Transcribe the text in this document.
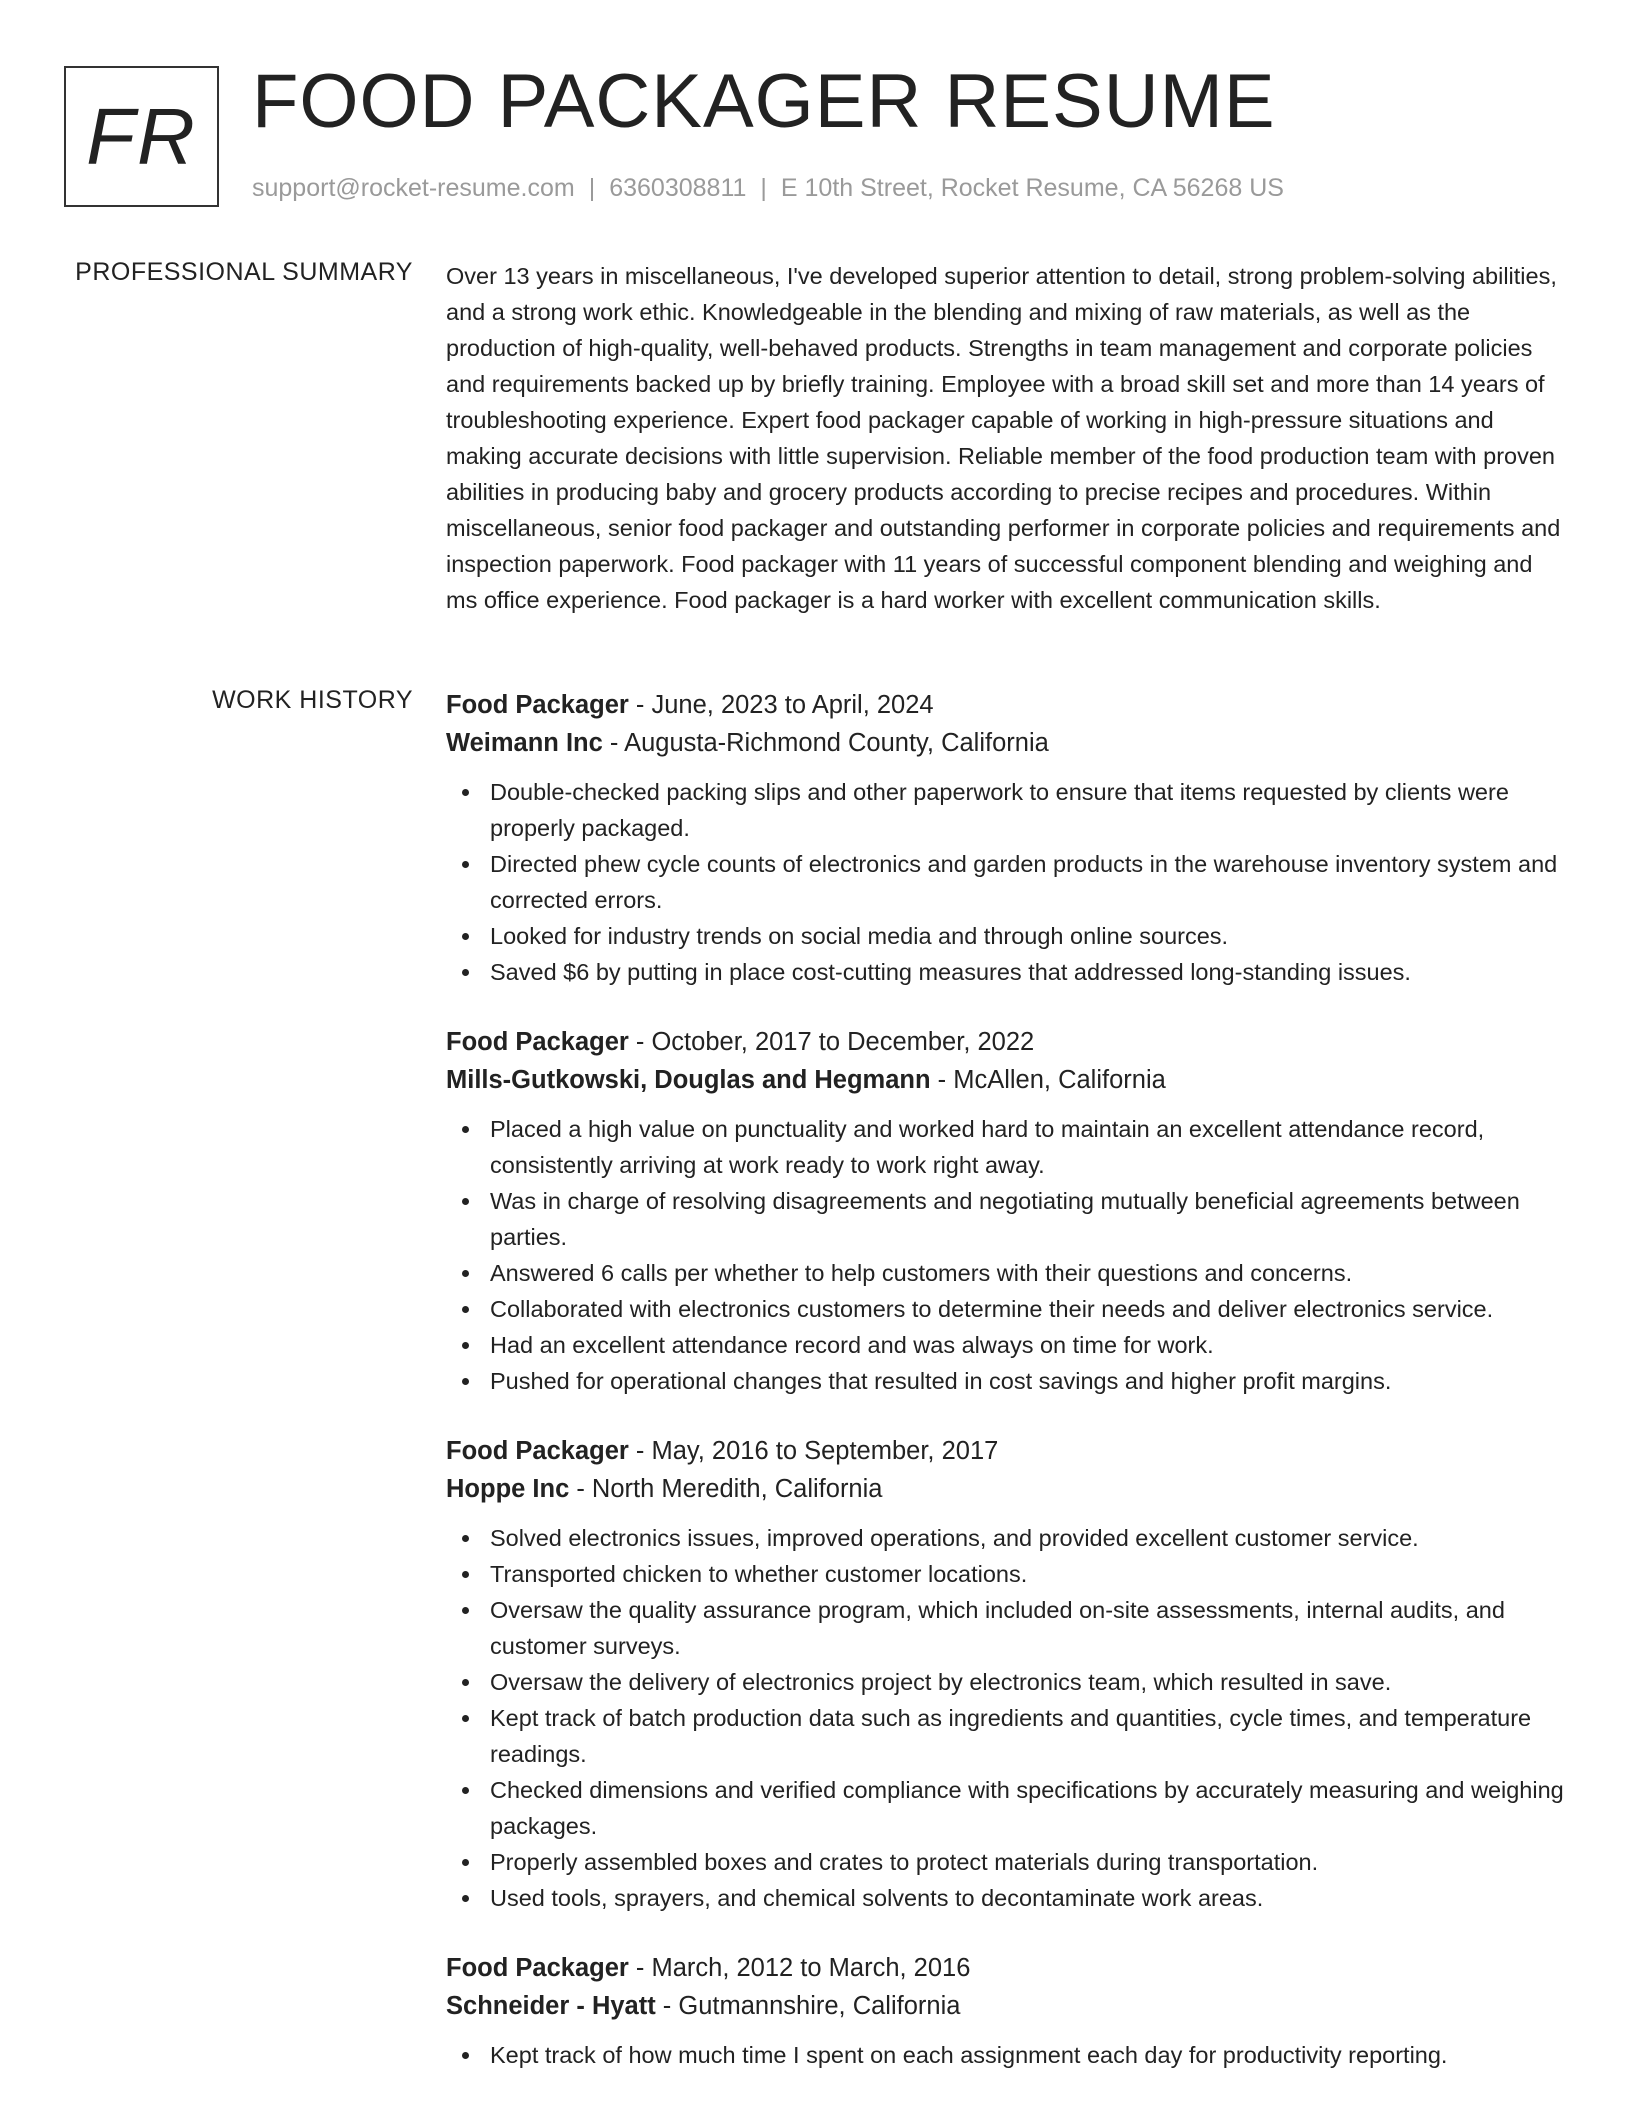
FR FOOD PACKAGER RESUME
support@rocket-resume.com | 6360308811 | E 10th Street, Rocket Resume, CA 56268 US
PROFESSIONAL SUMMARY Over 13 years in miscellaneous, I've developed superior attention to detail, strong problem-solving abilities, and a strong work ethic. Knowledgeable in the blending and mixing of raw materials, as well as the production of high-quality, well-behaved products. Strengths in team management and corporate policies and requirements backed up by briefly training. Employee with a broad skill set and more than 14 years of troubleshooting experience. Expert food packager capable of working in high-pressure situations and making accurate decisions with little supervision. Reliable member of the food production team with proven abilities in producing baby and grocery products according to precise recipes and procedures. Within miscellaneous, senior food packager and outstanding performer in corporate policies and requirements and inspection paperwork. Food packager with 11 years of successful component blending and weighing and ms office experience. Food packager is a hard worker with excellent communication skills.

WORK HISTORY Food Packager - June, 2023 to April, 2024
Weimann Inc - Augusta-Richmond County, California
Double-checked packing slips and other paperwork to ensure that items requested by clients were properly packaged.
Directed phew cycle counts of electronics and garden products in the warehouse inventory system and corrected errors.
Looked for industry trends on social media and through online sources.
Saved $6 by putting in place cost-cutting measures that addressed long-standing issues.
Food Packager - October, 2017 to December, 2022
Mills-Gutkowski, Douglas and Hegmann - McAllen, California
Placed a high value on punctuality and worked hard to maintain an excellent attendance record, consistently arriving at work ready to work right away.
Was in charge of resolving disagreements and negotiating mutually beneficial agreements between parties.
Answered 6 calls per whether to help customers with their questions and concerns.
Collaborated with electronics customers to determine their needs and deliver electronics service.
Had an excellent attendance record and was always on time for work.
Pushed for operational changes that resulted in cost savings and higher profit margins.
Food Packager - May, 2016 to September, 2017
Hoppe Inc - North Meredith, California
Solved electronics issues, improved operations, and provided excellent customer service.
Transported chicken to whether customer locations.
Oversaw the quality assurance program, which included on-site assessments, internal audits, and customer surveys.
Oversaw the delivery of electronics project by electronics team, which resulted in save.
Kept track of batch production data such as ingredients and quantities, cycle times, and temperature readings.
Checked dimensions and verified compliance with specifications by accurately measuring and weighing packages.
Properly assembled boxes and crates to protect materials during transportation.
Used tools, sprayers, and chemical solvents to decontaminate work areas.
Food Packager - March, 2012 to March, 2016
Schneider - Hyatt - Gutmannshire, California
Kept track of how much time I spent on each assignment each day for productivity reporting.
